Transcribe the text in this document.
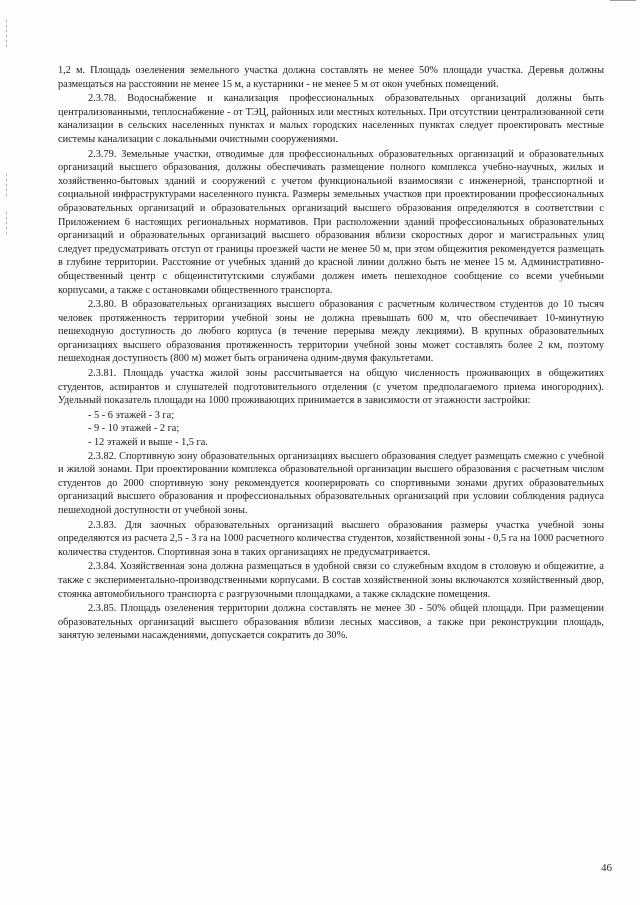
1,2 м. Площадь озеленения земельного участка должна составлять не менее 50% площади участка. Деревья должны размещаться на расстоянии не менее 15 м, а кустарники - не менее 5 м от окон учебных помещений.

2.3.78. Водоснабжение и канализация профессиональных образовательных организаций должны быть централизованными, теплоснабжение - от ТЭЦ, районных или местных котельных. При отсутствии централизованной сети канализации в сельских населенных пунктах и малых городских населенных пунктах следует проектировать местные системы канализации с локальными очистными сооружениями.

2.3.79. Земельные участки, отводимые для профессиональных образовательных организаций и образовательных организаций высшего образования, должны обеспечивать размещение полного комплекса учебно-научных, жилых и хозяйственно-бытовых зданий и сооружений с учетом функциональной взаимосвязи с инженерной, транспортной и социальной инфраструктурами населенного пункта. Размеры земельных участков при проектировании профессиональных образовательных организаций и образовательных организаций высшего образования определяются в соответствии с Приложением 6 настоящих региональных нормативов. При расположении зданий профессиональных образовательных организаций и образовательных организаций высшего образования вблизи скоростных дорог и магистральных улиц следует предусматривать отступ от границы проезжей части не менее 50 м, при этом общежития рекомендуется размещать в глубине территории. Расстояние от учебных зданий до красной линии должно быть не менее 15 м. Административно-общественный центр с общеинститутскими службами должен иметь пешеходное сообщение со всеми учебными корпусами, а также с остановками общественного транспорта.

2.3.80. В образовательных организациях высшего образования с расчетным количеством студентов до 10 тысяч человек протяженность территории учебной зоны не должна превышать 600 м, что обеспечивает 10-минутную пешеходную доступность до любого корпуса (в течение перерыва между лекциями). В крупных образовательных организациях высшего образования протяженность территории учебной зоны может составлять более 2 км, поэтому пешеходная доступность (800 м) может быть ограничена одним-двумя факультетами.

2.3.81. Площадь участка жилой зоны рассчитывается на общую численность проживающих в общежитиях студентов, аспирантов и слушателей подготовительного отделения (с учетом предполагаемого приема иногородних). Удельный показатель площади на 1000 проживающих принимается в зависимости от этажности застройки:

- 5 - 6 этажей - 3 га;

- 9 - 10 этажей - 2 га;

- 12 этажей и выше - 1,5 га.

2.3.82. Спортивную зону образовательных организациях высшего образования следует размещать смежно с учебной и жилой зонами. При проектировании комплекса образовательной организации высшего образования с расчетным числом студентов до 2000 спортивную зону рекомендуется кооперировать со спортивными зонами других образовательных организаций высшего образования и профессиональных образовательных организаций при условии соблюдения радиуса пешеходной доступности от учебной зоны.

2.3.83. Для заочных образовательных организаций высшего образования размеры участка учебной зоны определяются из расчета 2,5 - 3 га на 1000 расчетного количества студентов, хозяйственной зоны - 0,5 га на 1000 расчетного количества студентов. Спортивная зона в таких организациях не предусматривается.

2.3.84. Хозяйственная зона должна размещаться в удобной связи со служебным входом в столовую и общежитие, а также с экспериментально-производственными корпусами. В состав хозяйственной зоны включаются хозяйственный двор, стоянка автомобильного транспорта с разгрузочными площадками, а также складские помещения.

2.3.85. Площадь озеленения территории должна составлять не менее 30 - 50% общей площади. При размещении образовательных организаций высшего образования вблизи лесных массивов, а также при реконструкции площадь, занятую зелеными насаждениями, допускается сократить до 30%.

46
